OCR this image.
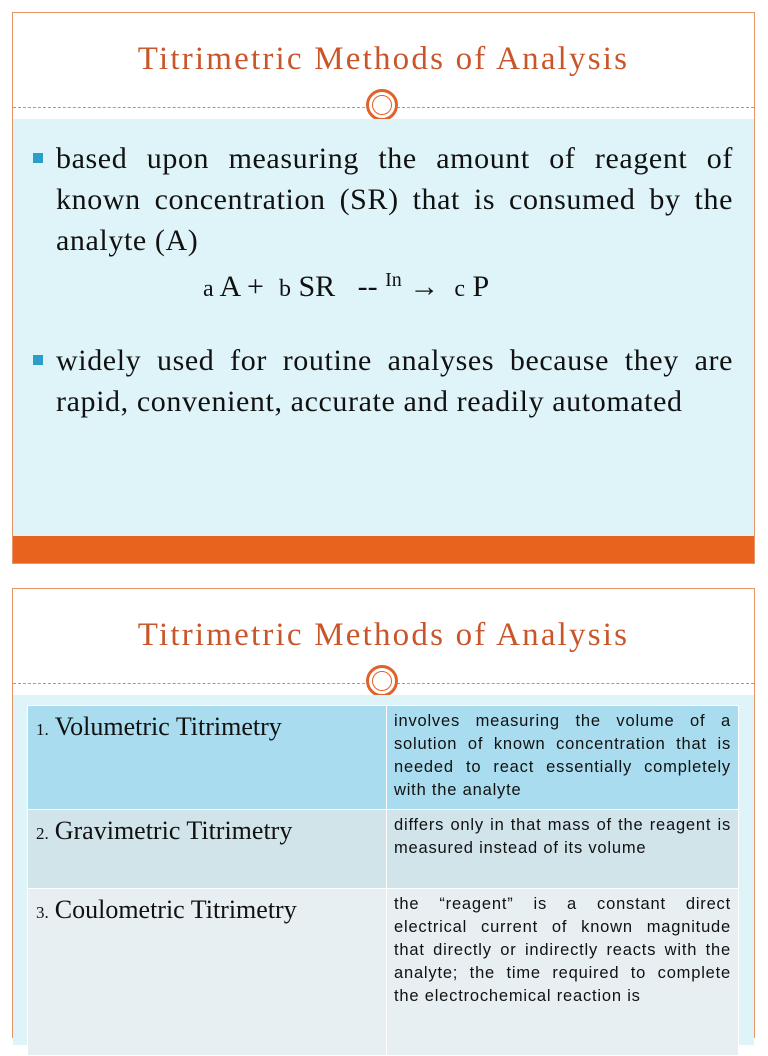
Titrimetric Methods of Analysis
based upon measuring the amount of reagent of known concentration (SR) that is consumed by the analyte (A)
a A + b SR -- $^{In}$ → c P
widely used for routine analyses because they are rapid, convenient, accurate and readily automated
Titrimetric Methods of Analysis
1. Volumetric Titrimetry	involves measuring the volume of a solution of known concentration that is needed to react essentially completely with the analyte
2. Gravimetric Titrimetry	differs only in that mass of the reagent is measured instead of its volume
3. Coulometric Titrimetry	the “reagent” is a constant direct electrical current of known magnitude that directly or indirectly reacts with the analyte; the time required to complete the electrochemical reaction is
